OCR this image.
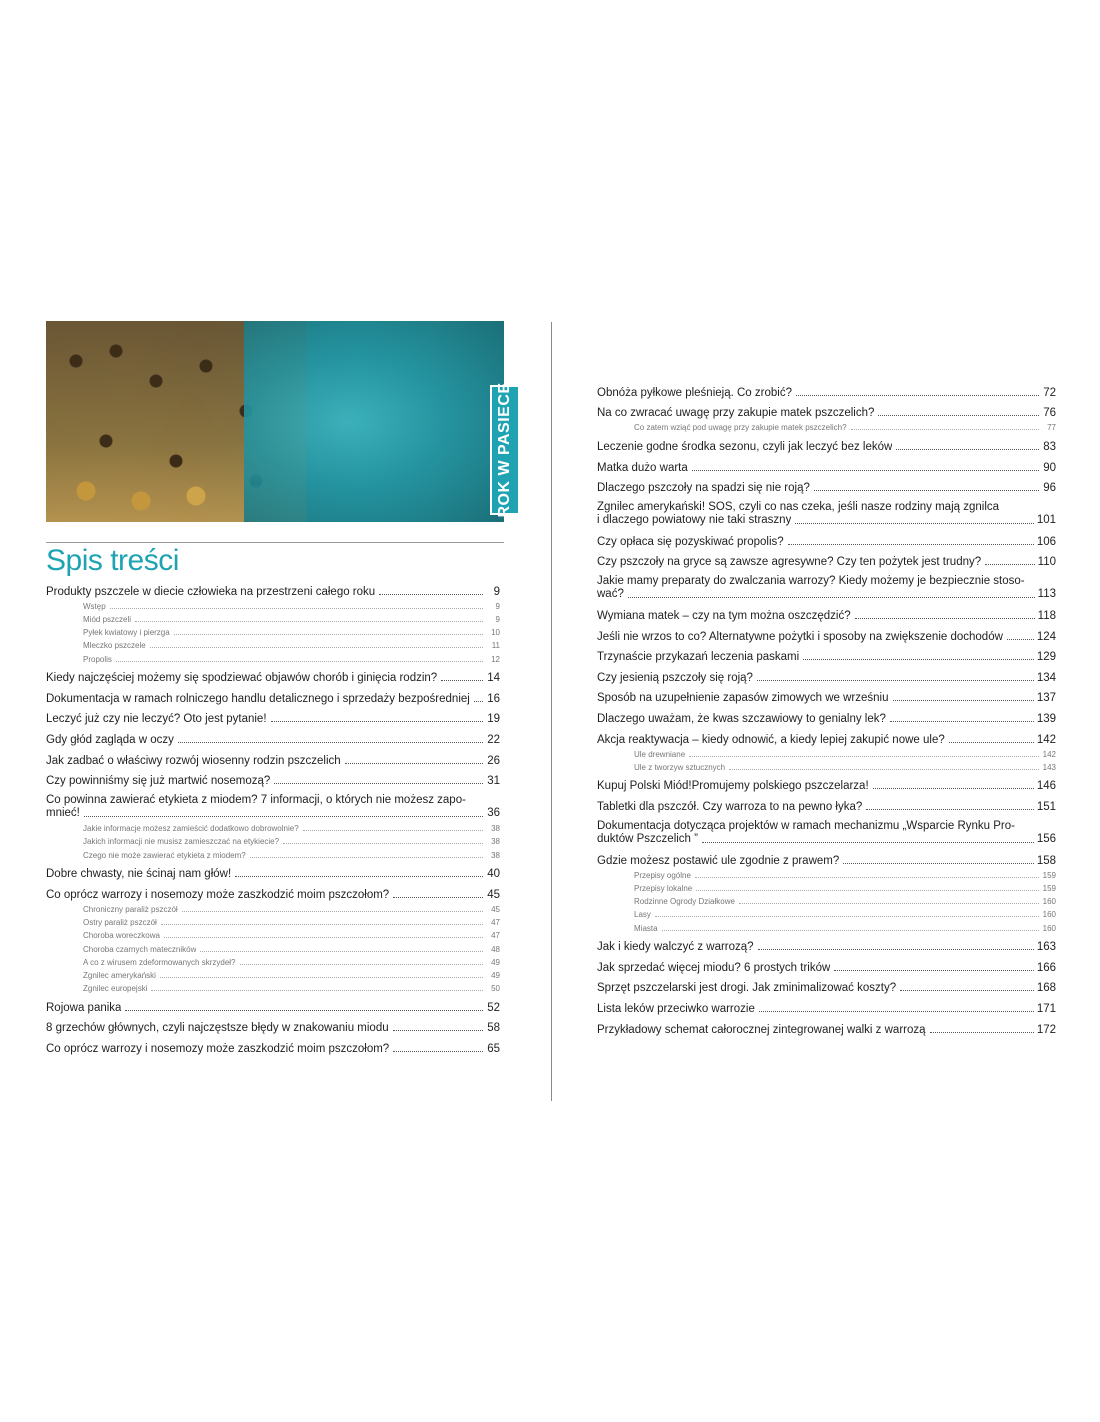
ROK W PASIECE
Spis treści
Produkty pszczele w diecie człowieka na przestrzeni całego roku	9
Wstęp	9
Miód pszczeli	9
Pyłek kwiatowy i pierzga	10
Mleczko pszczele	11
Propolis	12
Kiedy najczęściej możemy się spodziewać objawów chorób i ginięcia rodzin?	14
Dokumentacja w ramach rolniczego handlu detalicznego i sprzedaży bezpośredniej 16
Leczyć już czy nie leczyć? Oto jest pytanie!	19
Gdy głód zagląda w oczy	22
Jak zadbać o właściwy rozwój wiosenny rodzin pszczelich	26
Czy powinniśmy się już martwić nosemozą?	31
Co powinna zawierać etykieta z miodem? 7 informacji, o których nie możesz zapo-
mnieć!	36
Jakie informacje możesz zamieścić dodatkowo dobrowolnie?	38
Jakich informacji nie musisz zamieszczać na etykiecie?	38
Czego nie może zawierać etykieta z miodem?	38
Dobre chwasty, nie ścinaj nam głów!	40
Co oprócz warrozy i nosemozy może zaszkodzić moim pszczołom?	45
Chroniczny paraliż pszczół	45
Ostry paraliż pszczół	47
Choroba woreczkowa	47
Choroba czarnych mateczników	48
A co z wirusem zdeformowanych skrzydeł?	49
Zgnilec amerykański	49
Zgnilec europejski	50
Rojowa panika	52
8 grzechów głównych, czyli najczęstsze błędy w znakowaniu miodu	58
Co oprócz warrozy i nosemozy może zaszkodzić moim pszczołom?	65
Obnóża pyłkowe pleśnieją. Co zrobić?	72
Na co zwracać uwagę przy zakupie matek pszczelich?	76
Co zatem wziąć pod uwagę przy zakupie matek pszczelich?	77
Leczenie godne środka sezonu, czyli jak leczyć bez leków	83
Matka dużo warta	90
Dlaczego pszczoły na spadzi się nie roją?	96
Zgnilec amerykański! SOS, czyli co nas czeka, jeśli nasze rodziny mają zgnilca
i dlaczego powiatowy nie taki straszny	101
Czy opłaca się pozyskiwać propolis?	106
Czy pszczoły na gryce są zawsze agresywne? Czy ten pożytek jest trudny?	110
Jakie mamy preparaty do zwalczania warrozy? Kiedy możemy je bezpiecznie stoso-
wać?	113
Wymiana matek – czy na tym można oszczędzić?	118
Jeśli nie wrzos to co? Alternatywne pożytki i sposoby na zwiększenie dochodów	124
Trzynaście przykazań leczenia paskami	129
Czy jesienią pszczoły się roją?	134
Sposób na uzupełnienie zapasów zimowych we wrześniu	137
Dlaczego uważam, że kwas szczawiowy to genialny lek?	139
Akcja reaktywacja – kiedy odnowić, a kiedy lepiej zakupić nowe ule?	142
Ule drewniane	142
Ule z tworzyw sztucznych	143
Kupuj Polski Miód!Promujemy polskiego pszczelarza!	146
Tabletki dla pszczół. Czy warroza to na pewno łyka?	151
Dokumentacja dotycząca projektów w ramach mechanizmu „Wsparcie Rynku Pro-
duktów Pszczelich ”	156
Gdzie możesz postawić ule zgodnie z prawem?	158
Przepisy ogólne	159
Przepisy lokalne	159
Rodzinne Ogrody Działkowe	160
Lasy	160
Miasta	160
Jak i kiedy walczyć z warrozą?	163
Jak sprzedać więcej miodu? 6 prostych trików	166
Sprzęt pszczelarski jest drogi. Jak zminimalizować koszty?	168
Lista leków przeciwko warrozie	171
Przykładowy schemat całorocznej zintegrowanej walki z warrozą	172
